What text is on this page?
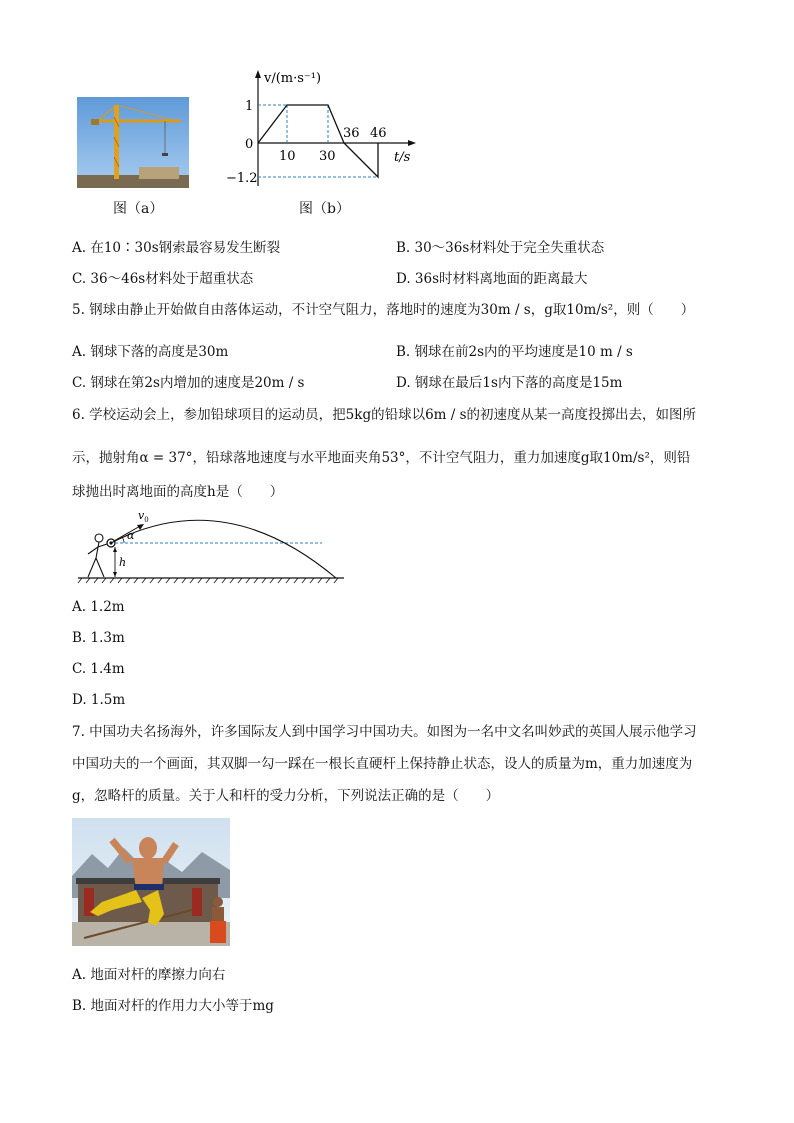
图（a）
v/(m·s⁻¹)
t/s
1
0
−1.2
10 30
36 46
图（b）
A. 在10∶30s钢索最容易发生断裂	B. 30～36s材料处于完全失重状态
C. 36～46s材料处于超重状态	D. 36s时材料离地面的距离最大
5. 钢球由静止开始做自由落体运动，不计空气阻力，落地时的速度为30m / s，g取10m/s²，则（　　）
A. 钢球下落的高度是30m	B. 钢球在前2s内的平均速度是10 m / s
C. 钢球在第2s内增加的速度是20m / s	D. 钢球在最后1s内下落的高度是15m
6. 学校运动会上，参加铅球项目的运动员，把5kg的铅球以6m / s的初速度从某一高度投掷出去，如图所
示，抛射角α = 37°，铅球落地速度与水平地面夹角53°，不计空气阻力，重力加速度g取10m/s²，则铅
球抛出时离地面的高度h是（　　）
$v_0$
α
h
A. 1.2m
B. 1.3m
C. 1.4m
D. 1.5m
7. 中国功夫名扬海外，许多国际友人到中国学习中国功夫。如图为一名中文名叫妙武的英国人展示他学习
中国功夫的一个画面，其双脚一勾一踩在一根长直硬杆上保持静止状态，设人的质量为m，重力加速度为
g，忽略杆的质量。关于人和杆的受力分析，下列说法正确的是（　　）
A. 地面对杆的摩擦力向右
B. 地面对杆的作用力大小等于mg
